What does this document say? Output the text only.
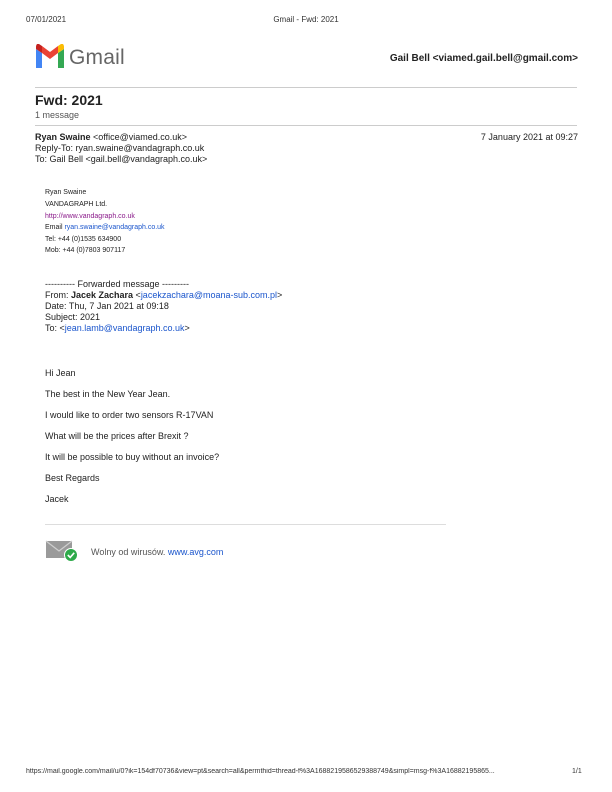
07/01/2021	Gmail - Fwd: 2021
Gmail	Gail Bell <viamed.gail.bell@gmail.com>
Fwd: 2021
1 message
Ryan Swaine <office@viamed.co.uk>	7 January 2021 at 09:27
Reply-To: ryan.swaine@vandagraph.co.uk
To: Gail Bell <gail.bell@vandagraph.co.uk>
Ryan Swaine
VANDAGRAPH Ltd.
http://www.vandagraph.co.uk
Email ryan.swaine@vandagraph.co.uk
Tel: +44 (0)1535 634900
Mob: +44 (0)7803 907117
---------- Forwarded message ---------
From: Jacek Zachara <jacekzachara@moana-sub.com.pl>
Date: Thu, 7 Jan 2021 at 09:18
Subject: 2021
To: <jean.lamb@vandagraph.co.uk>
Hi Jean
The best in the New Year Jean.
I would like to order two sensors R-17VAN
What will be the prices after Brexit ?
It will be possible to buy without an invoice?
Best Regards
Jacek
Wolny od wirusów. www.avg.com
https://mail.google.com/mail/u/0?ik=154df70736&view=pt&search=all&permthid=thread-f%3A1688219586529388749&simpl=msg-f%3A16882195865...	1/1
